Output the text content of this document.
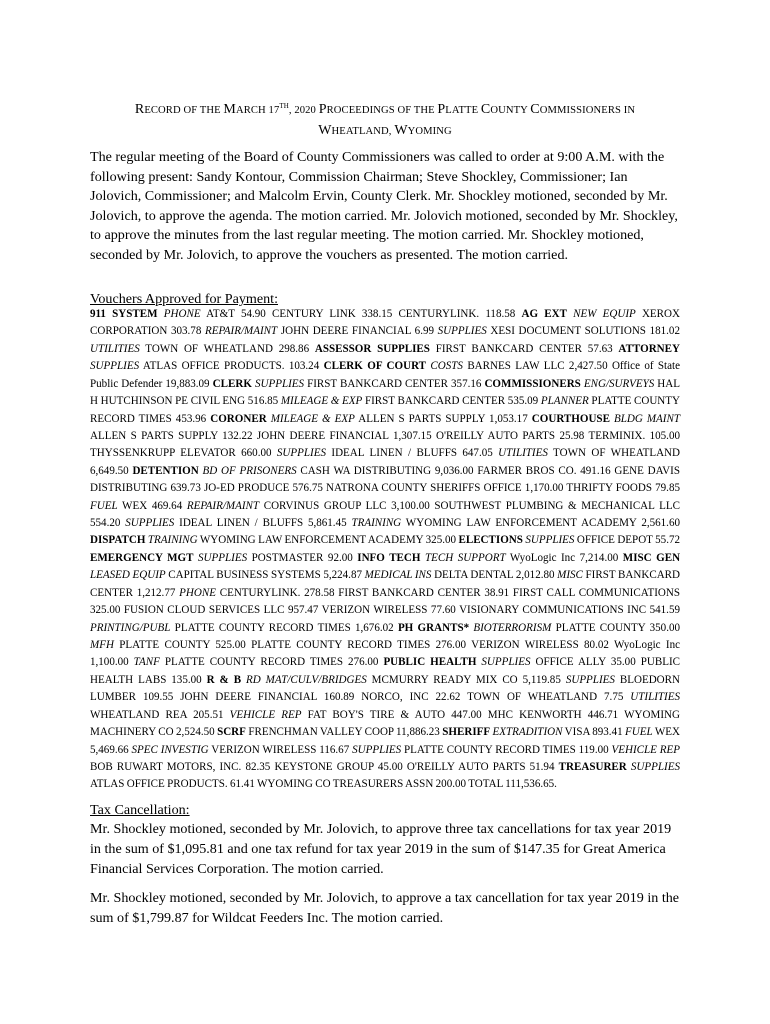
RECORD OF THE MARCH 17TH, 2020 PROCEEDINGS OF THE PLATTE COUNTY COMMISSIONERS IN
WHEATLAND, WYOMING
The regular meeting of the Board of County Commissioners was called to order at 9:00 A.M. with the following present: Sandy Kontour, Commission Chairman; Steve Shockley, Commissioner; Ian Jolovich, Commissioner; and Malcolm Ervin, County Clerk. Mr. Shockley motioned, seconded by Mr. Jolovich, to approve the agenda. The motion carried. Mr. Jolovich motioned, seconded by Mr. Shockley, to approve the minutes from the last regular meeting. The motion carried. Mr. Shockley motioned, seconded by Mr. Jolovich, to approve the vouchers as presented. The motion carried.
Vouchers Approved for Payment:
911 SYSTEM PHONE AT&T 54.90 CENTURY LINK 338.15 CENTURYLINK. 118.58 AG EXT NEW EQUIP XEROX CORPORATION 303.78 REPAIR/MAINT JOHN DEERE FINANCIAL 6.99 SUPPLIES XESI DOCUMENT SOLUTIONS 181.02 UTILITIES TOWN OF WHEATLAND 298.86 ASSESSOR SUPPLIES FIRST BANKCARD CENTER 57.63 ATTORNEY SUPPLIES ATLAS OFFICE PRODUCTS. 103.24 CLERK OF COURT COSTS BARNES LAW LLC 2,427.50 Office of State Public Defender 19,883.09 CLERK SUPPLIES FIRST BANKCARD CENTER 357.16 COMMISSIONERS ENG/SURVEYS HAL H HUTCHINSON PE CIVIL ENG 516.85 MILEAGE & EXP FIRST BANKCARD CENTER 535.09 PLANNER PLATTE COUNTY RECORD TIMES 453.96 CORONER MILEAGE & EXP ALLEN S PARTS SUPPLY 1,053.17 COURTHOUSE BLDG MAINT ALLEN S PARTS SUPPLY 132.22 JOHN DEERE FINANCIAL 1,307.15 O'REILLY AUTO PARTS 25.98 TERMINIX. 105.00 THYSSENKRUPP ELEVATOR 660.00 SUPPLIES IDEAL LINEN / BLUFFS 647.05 UTILITIES TOWN OF WHEATLAND 6,649.50 DETENTION BD OF PRISONERS CASH WA DISTRIBUTING 9,036.00 FARMER BROS CO. 491.16 GENE DAVIS DISTRIBUTING 639.73 JO-ED PRODUCE 576.75 NATRONA COUNTY SHERIFFS OFFICE 1,170.00 THRIFTY FOODS 79.85 FUEL WEX 469.64 REPAIR/MAINT CORVINUS GROUP LLC 3,100.00 SOUTHWEST PLUMBING & MECHANICAL LLC 554.20 SUPPLIES IDEAL LINEN / BLUFFS 5,861.45 TRAINING WYOMING LAW ENFORCEMENT ACADEMY 2,561.60 DISPATCH TRAINING WYOMING LAW ENFORCEMENT ACADEMY 325.00 ELECTIONS SUPPLIES OFFICE DEPOT 55.72 EMERGENCY MGT SUPPLIES POSTMASTER 92.00 INFO TECH TECH SUPPORT WyoLogic Inc 7,214.00 MISC GEN LEASED EQUIP CAPITAL BUSINESS SYSTEMS 5,224.87 MEDICAL INS DELTA DENTAL 2,012.80 MISC FIRST BANKCARD CENTER 1,212.77 PHONE CENTURYLINK. 278.58 FIRST BANKCARD CENTER 38.91 FIRST CALL COMMUNICATIONS 325.00 FUSION CLOUD SERVICES LLC 957.47 VERIZON WIRELESS 77.60 VISIONARY COMMUNICATIONS INC 541.59 PRINTING/PUBL PLATTE COUNTY RECORD TIMES 1,676.02 PH GRANTS* BIOTERRORISM PLATTE COUNTY 350.00 MFH PLATTE COUNTY 525.00 PLATTE COUNTY RECORD TIMES 276.00 VERIZON WIRELESS 80.02 WyoLogic Inc 1,100.00 TANF PLATTE COUNTY RECORD TIMES 276.00 PUBLIC HEALTH SUPPLIES OFFICE ALLY 35.00 PUBLIC HEALTH LABS 135.00 R & B RD MAT/CULV/BRIDGES MCMURRY READY MIX CO 5,119.85 SUPPLIES BLOEDORN LUMBER 109.55 JOHN DEERE FINANCIAL 160.89 NORCO, INC 22.62 TOWN OF WHEATLAND 7.75 UTILITIES WHEATLAND REA 205.51 VEHICLE REP FAT BOY'S TIRE & AUTO 447.00 MHC KENWORTH 446.71 WYOMING MACHINERY CO 2,524.50 SCRF FRENCHMAN VALLEY COOP 11,886.23 SHERIFF EXTRADITION VISA 893.41 FUEL WEX 5,469.66 SPEC INVESTIG VERIZON WIRELESS 116.67 SUPPLIES PLATTE COUNTY RECORD TIMES 119.00 VEHICLE REP BOB RUWART MOTORS, INC. 82.35 KEYSTONE GROUP 45.00 O'REILLY AUTO PARTS 51.94 TREASURER SUPPLIES ATLAS OFFICE PRODUCTS. 61.41 WYOMING CO TREASURERS ASSN 200.00 TOTAL 111,536.65.
Tax Cancellation:
Mr. Shockley motioned, seconded by Mr. Jolovich, to approve three tax cancellations for tax year 2019 in the sum of $1,095.81 and one tax refund for tax year 2019 in the sum of $147.35 for Great America Financial Services Corporation. The motion carried.
Mr. Shockley motioned, seconded by Mr. Jolovich, to approve a tax cancellation for tax year 2019 in the sum of $1,799.87 for Wildcat Feeders Inc. The motion carried.
